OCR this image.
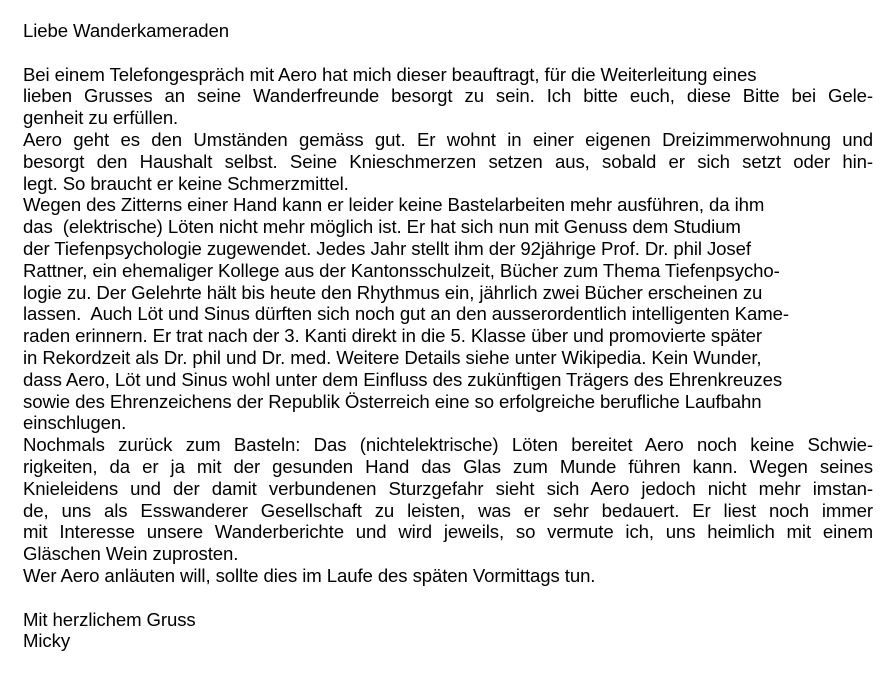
Liebe Wanderkameraden
Bei einem Telefongespräch mit Aero hat mich dieser beauftragt, für die Weiterleitung eines
lieben Grusses an seine Wanderfreunde besorgt zu sein. Ich bitte euch, diese Bitte bei Gele-
genheit zu erfüllen.
Aero geht es den Umständen gemäss gut. Er wohnt in einer eigenen Dreizimmerwohnung und
besorgt den Haushalt selbst. Seine Knieschmerzen setzen aus, sobald er sich setzt oder hin-
legt. So braucht er keine Schmerzmittel.
Wegen des Zitterns einer Hand kann er leider keine Bastelarbeiten mehr ausführen, da ihm
das  (elektrische) Löten nicht mehr möglich ist. Er hat sich nun mit Genuss dem Studium
der Tiefenpsychologie zugewendet. Jedes Jahr stellt ihm der 92jährige Prof. Dr. phil Josef
Rattner, ein ehemaliger Kollege aus der Kantonsschulzeit, Bücher zum Thema Tiefenpsycho-
logie zu. Der Gelehrte hält bis heute den Rhythmus ein, jährlich zwei Bücher erscheinen zu
lassen.  Auch Löt und Sinus dürften sich noch gut an den ausserordentlich intelligenten Kame-
raden erinnern. Er trat nach der 3. Kanti direkt in die 5. Klasse über und promovierte später
in Rekordzeit als Dr. phil und Dr. med. Weitere Details siehe unter Wikipedia. Kein Wunder,
dass Aero, Löt und Sinus wohl unter dem Einfluss des zukünftigen Trägers des Ehrenkreuzes
sowie des Ehrenzeichens der Republik Österreich eine so erfolgreiche berufliche Laufbahn
einschlugen.
Nochmals zurück zum Basteln: Das (nichtelektrische) Löten bereitet Aero noch keine Schwie-
rigkeiten, da er ja mit der gesunden Hand das Glas zum Munde führen kann. Wegen seines
Knieleidens und der damit verbundenen Sturzgefahr sieht sich Aero jedoch nicht mehr imstan-
de, uns als Esswanderer Gesellschaft zu leisten, was er sehr bedauert. Er liest noch immer
mit Interesse unsere Wanderberichte und wird jeweils, so vermute ich, uns heimlich mit einem
Gläschen Wein zuprosten.
Wer Aero anläuten will, sollte dies im Laufe des späten Vormittags tun.
Mit herzlichem Gruss
Micky
